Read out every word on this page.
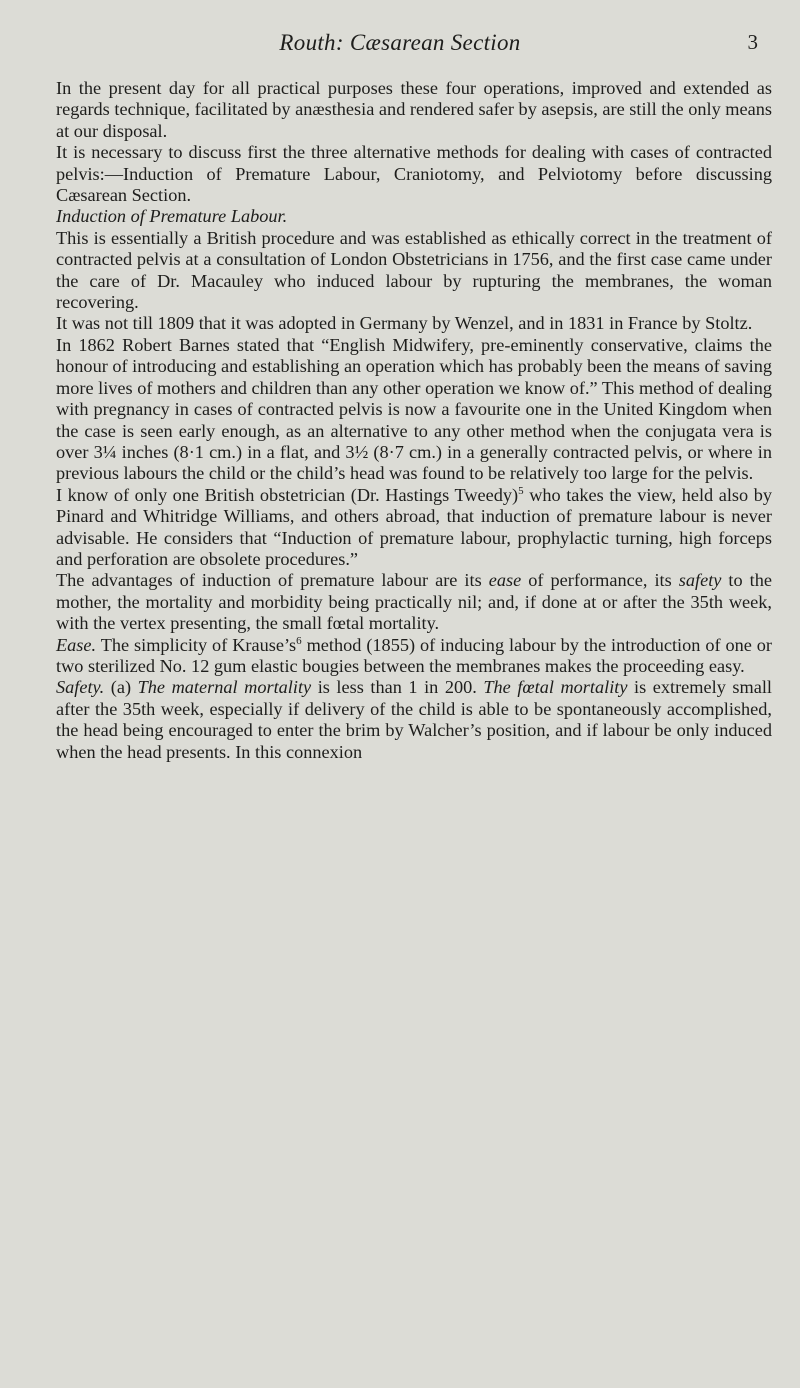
Routh: Cæsarean Section	3

In the present day for all practical purposes these four operations, improved and extended as regards technique, facilitated by anæsthesia and rendered safer by asepsis, are still the only means at our disposal.

It is necessary to discuss first the three alternative methods for dealing with cases of contracted pelvis:—Induction of Premature Labour, Craniotomy, and Pelviotomy before discussing Cæsarean Section.

Induction of Premature Labour.

This is essentially a British procedure and was established as ethically correct in the treatment of contracted pelvis at a consultation of London Obstetricians in 1756, and the first case came under the care of Dr. Macauley who induced labour by rupturing the membranes, the woman recovering.

It was not till 1809 that it was adopted in Germany by Wenzel, and in 1831 in France by Stoltz.

In 1862 Robert Barnes stated that “English Midwifery, pre-eminently conservative, claims the honour of introducing and establishing an operation which has probably been the means of saving more lives of mothers and children than any other operation we know of.” This method of dealing with pregnancy in cases of contracted pelvis is now a favourite one in the United Kingdom when the case is seen early enough, as an alternative to any other method when the conjugata vera is over 3¼ inches (8·1 cm.) in a flat, and 3½ (8·7 cm.) in a generally contracted pelvis, or where in previous labours the child or the child’s head was found to be relatively too large for the pelvis.

I know of only one British obstetrician (Dr. Hastings Tweedy)$^5$ who takes the view, held also by Pinard and Whitridge Williams, and others abroad, that induction of premature labour is never advisable. He considers that “Induction of premature labour, prophylactic turning, high forceps and perforation are obsolete procedures.”

The advantages of induction of premature labour are its ease of performance, its safety to the mother, the mortality and morbidity being practically nil; and, if done at or after the 35th week, with the vertex presenting, the small fœtal mortality.

Ease. The simplicity of $Krause’s^6$ method (1855) of inducing labour by the introduction of one or two sterilized No. 12 gum elastic bougies between the membranes makes the proceeding easy.

Safety. (a) The maternal mortality is less than 1 in 200. The fœtal mortality is extremely small after the 35th week, especially if delivery of the child is able to be spontaneously accomplished, the head being encouraged to enter the brim by Walcher’s position, and if labour be only induced when the head presents. In this connexion
